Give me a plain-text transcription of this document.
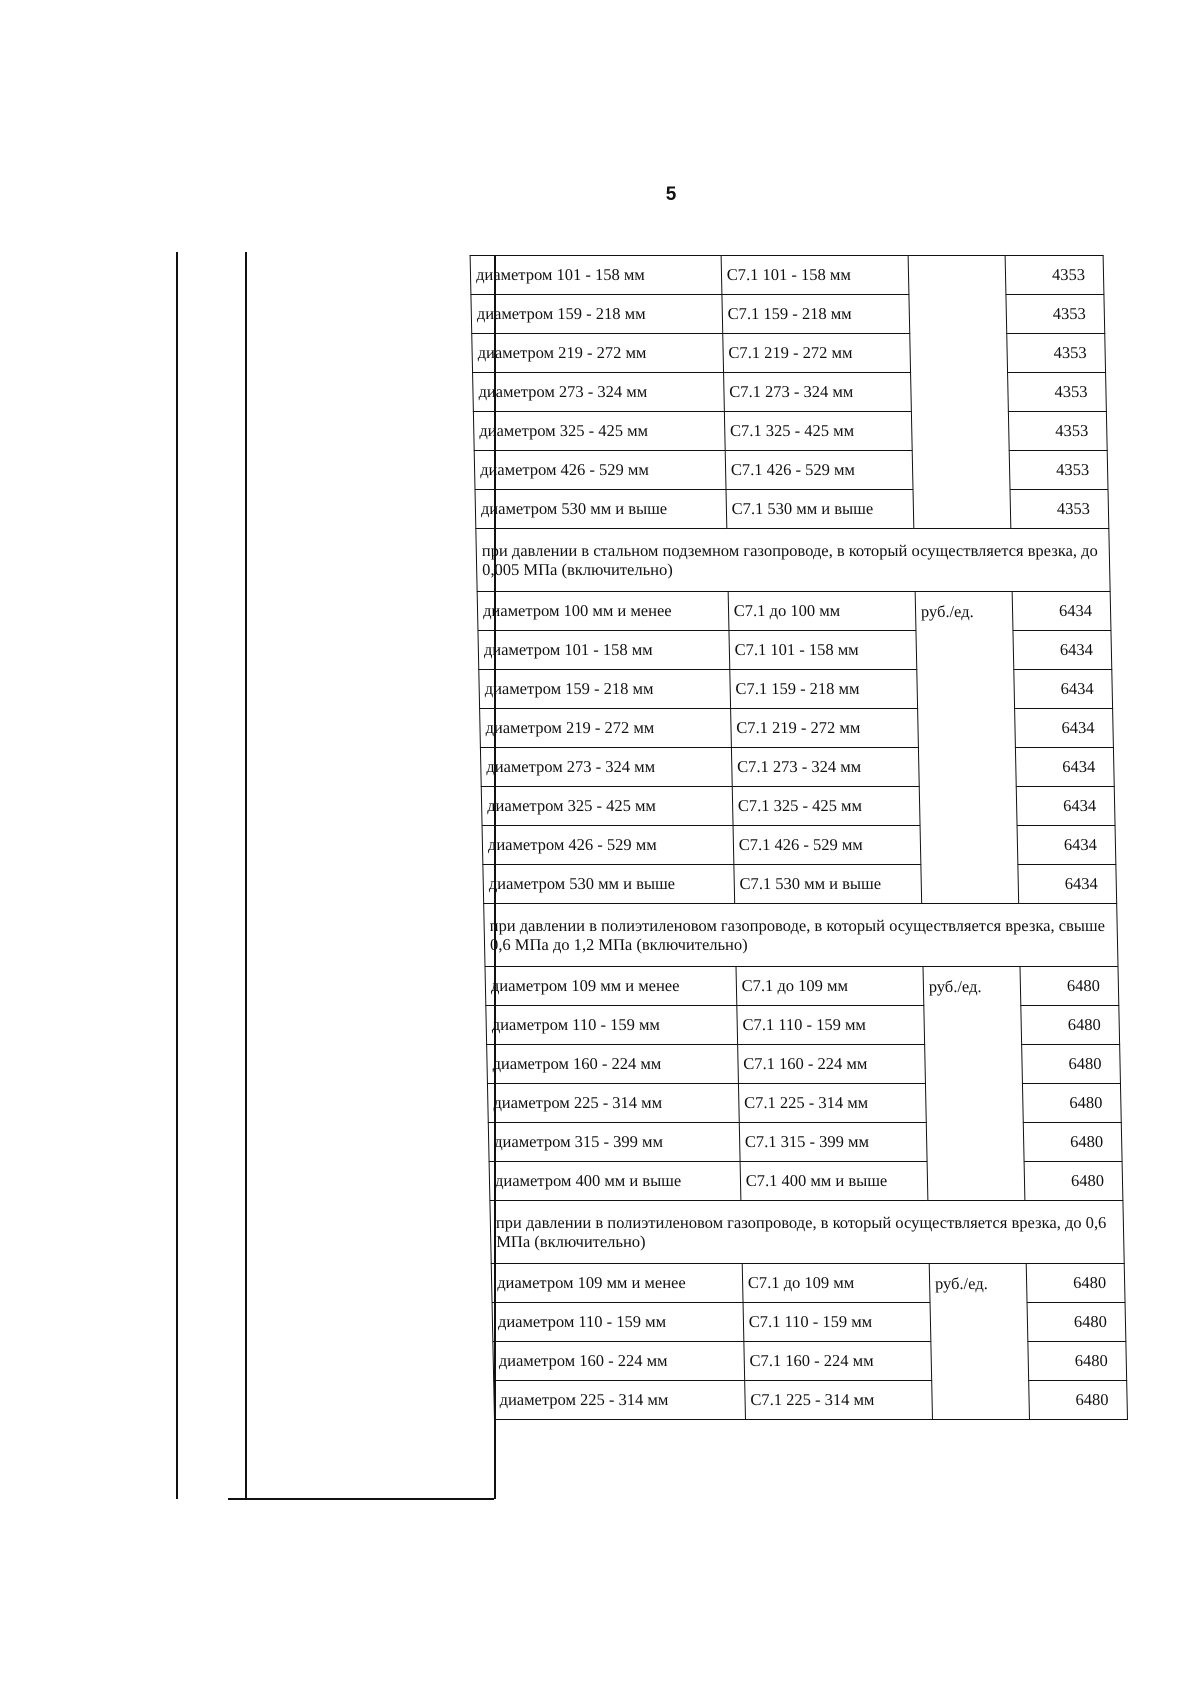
5
диаметром 101 - 158 мм	С7.1 101 - 158 мм		4353
диаметром 159 - 218 мм	С7.1 159 - 218 мм		4353
диаметром 219 - 272 мм	С7.1 219 - 272 мм		4353
диаметром 273 - 324 мм	С7.1 273 - 324 мм		4353
диаметром 325 - 425 мм	С7.1 325 - 425 мм		4353
диаметром 426 - 529 мм	С7.1 426 - 529 мм		4353
диаметром 530 мм и выше	С7.1 530 мм и выше		4353
при давлении в стальном подземном газопроводе, в который осуществляется врезка, до 0,005 МПа (включительно)			
диаметром 100 мм и менее	С7.1 до 100 мм	руб./ед.	6434
диаметром 101 - 158 мм	С7.1 101 - 158 мм		6434
диаметром 159 - 218 мм	С7.1 159 - 218 мм		6434
диаметром 219 - 272 мм	С7.1 219 - 272 мм		6434
диаметром 273 - 324 мм	С7.1 273 - 324 мм		6434
диаметром 325 - 425 мм	С7.1 325 - 425 мм		6434
диаметром 426 - 529 мм	С7.1 426 - 529 мм		6434
диаметром 530 мм и выше	С7.1 530 мм и выше		6434
при давлении в полиэтиленовом газопроводе, в который осуществляется врезка, свыше 0,6 МПа до 1,2 МПа (включительно)			
диаметром 109 мм и менее	С7.1 до 109 мм	руб./ед.	6480
диаметром 110 - 159 мм	С7.1 110 - 159 мм		6480
диаметром 160 - 224 мм	С7.1 160 - 224 мм		6480
диаметром 225 - 314 мм	С7.1 225 - 314 мм		6480
диаметром 315 - 399 мм	С7.1 315 - 399 мм		6480
диаметром 400 мм и выше	С7.1 400 мм и выше		6480
при давлении в полиэтиленовом газопроводе, в который осуществляется врезка, до 0,6 МПа (включительно)			
диаметром 109 мм и менее	С7.1 до 109 мм	руб./ед.	6480
диаметром 110 - 159 мм	С7.1 110 - 159 мм		6480
диаметром 160 - 224 мм	С7.1 160 - 224 мм		6480
диаметром 225 - 314 мм	С7.1 225 - 314 мм		6480
